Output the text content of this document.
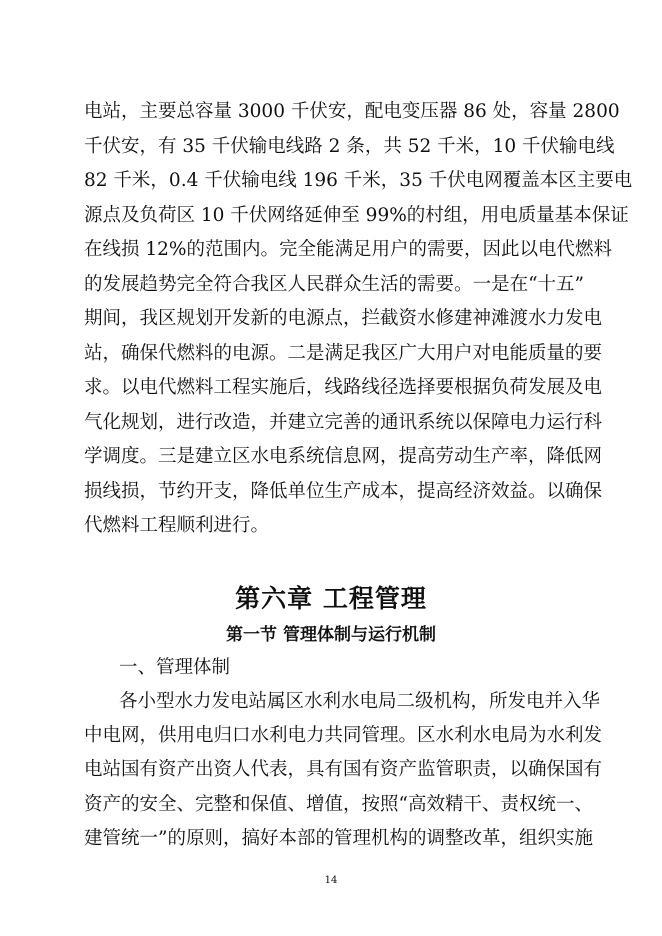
电站，主要总容量 3000 千伏安，配电变压器 86 处，容量 2800
千伏安，有 35 千伏输电线路 2 条，共 52 千米，10 千伏输电线
82 千米，0.4 千伏输电线 196 千米，35 千伏电网覆盖本区主要电
源点及负荷区 10 千伏网络延伸至 99%的村组，用电质量基本保证
在线损 12%的范围内。完全能满足用户的需要，因此以电代燃料
的发展趋势完全符合我区人民群众生活的需要。一是在“十五”
期间，我区规划开发新的电源点，拦截资水修建神滩渡水力发电
站，确保代燃料的电源。二是满足我区广大用户对电能质量的要
求。以电代燃料工程实施后，线路线径选择要根据负荷发展及电
气化规划，进行改造，并建立完善的通讯系统以保障电力运行科
学调度。三是建立区水电系统信息网，提高劳动生产率，降低网
损线损，节约开支，降低单位生产成本，提高经济效益。以确保
代燃料工程顺利进行。
第六章 工程管理
第一节 管理体制与运行机制
一、管理体制
各小型水力发电站属区水利水电局二级机构，所发电并入华
中电网，供用电归口水利电力共同管理。区水利水电局为水利发
电站国有资产出资人代表，具有国有资产监管职责，以确保国有
资产的安全、完整和保值、增值，按照“高效精干、责权统一、
建管统一”的原则，搞好本部的管理机构的调整改革，组织实施
14
